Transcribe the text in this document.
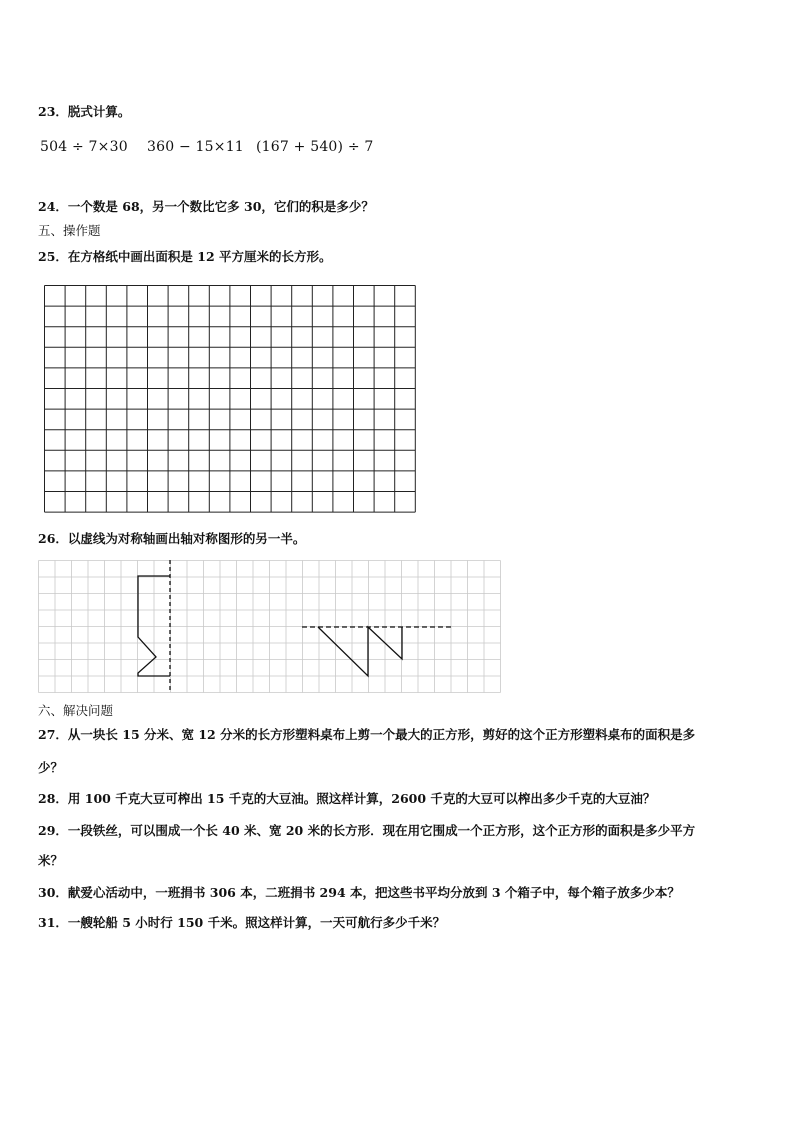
23．脱式计算。
504 ÷ 7×30 360 − 15×11 (167 + 540) ÷ 7
24．一个数是 68，另一个数比它多 30，它们的积是多少？
五、操作题
25．在方格纸中画出面积是 12 平方厘米的长方形。
26．以虚线为对称轴画出轴对称图形的另一半。
六、解决问题
27．从一块长 15 分米、宽 12 分米的长方形塑料桌布上剪一个最大的正方形，剪好的这个正方形塑料桌布的面积是多
少？
28．用 100 千克大豆可榨出 15 千克的大豆油。照这样计算，2600 千克的大豆可以榨出多少千克的大豆油？
29．一段铁丝，可以围成一个长 40 米、宽 20 米的长方形．现在用它围成一个正方形，这个正方形的面积是多少平方
米？
30．献爱心活动中，一班捐书 306 本，二班捐书 294 本，把这些书平均分放到 3 个箱子中，每个箱子放多少本？
31．一艘轮船 5 小时行 150 千米。照这样计算，一天可航行多少千米？
